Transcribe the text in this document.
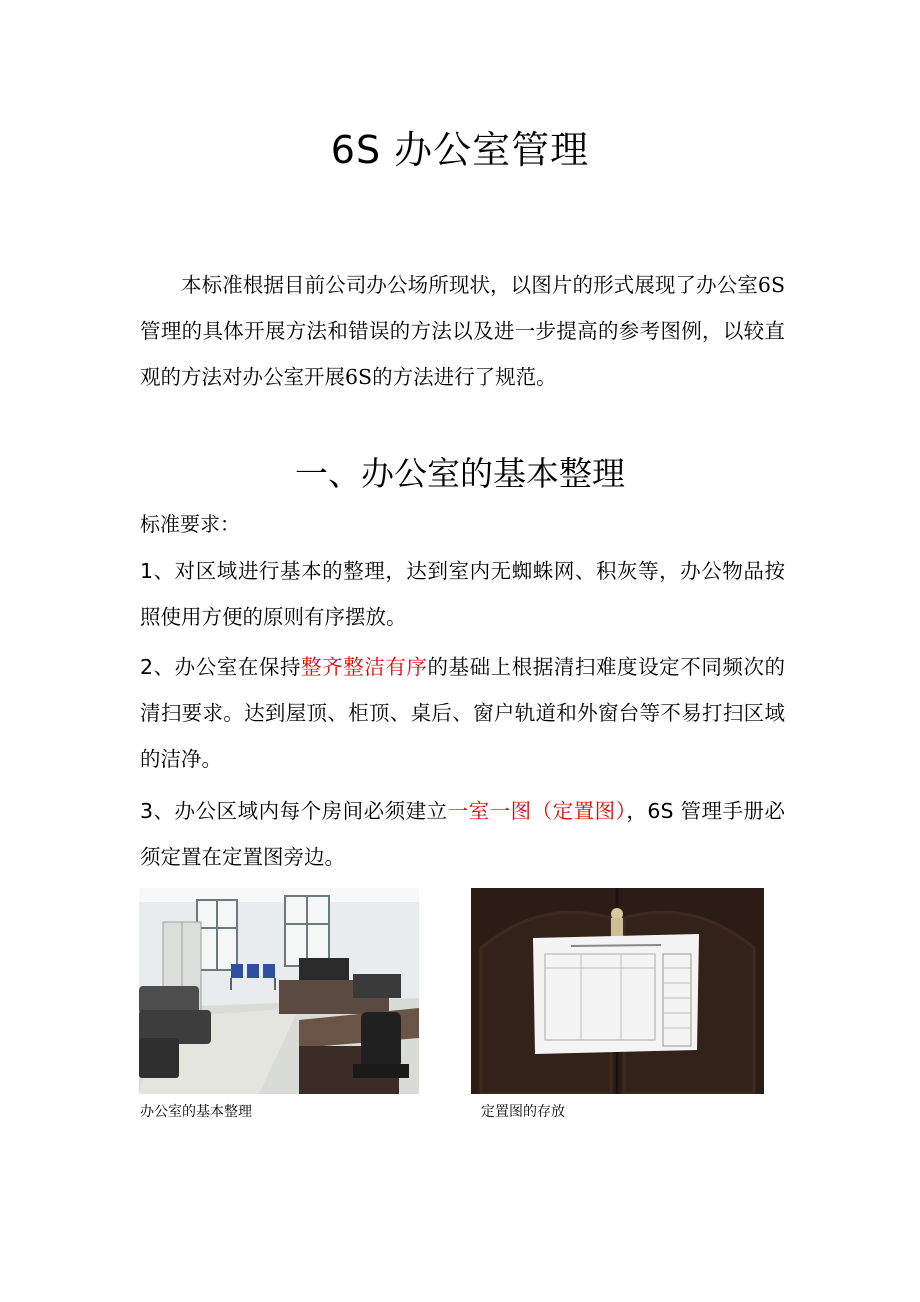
6S 办公室管理
本标准根据目前公司办公场所现状，以图片的形式展现了办公室6S管理的具体开展方法和错误的方法以及进一步提高的参考图例，以较直观的方法对办公室开展6S的方法进行了规范。
一、办公室的基本整理
标准要求：
1、对区域进行基本的整理，达到室内无蜘蛛网、积灰等，办公物品按照使用方便的原则有序摆放。
2、办公室在保持整齐整洁有序的基础上根据清扫难度设定不同频次的清扫要求。达到屋顶、柜顶、桌后、窗户轨道和外窗台等不易打扫区域的洁净。
3、办公区域内每个房间必须建立一室一图（定置图），6S 管理手册必须定置在定置图旁边。
办公室的基本整理	定置图的存放
